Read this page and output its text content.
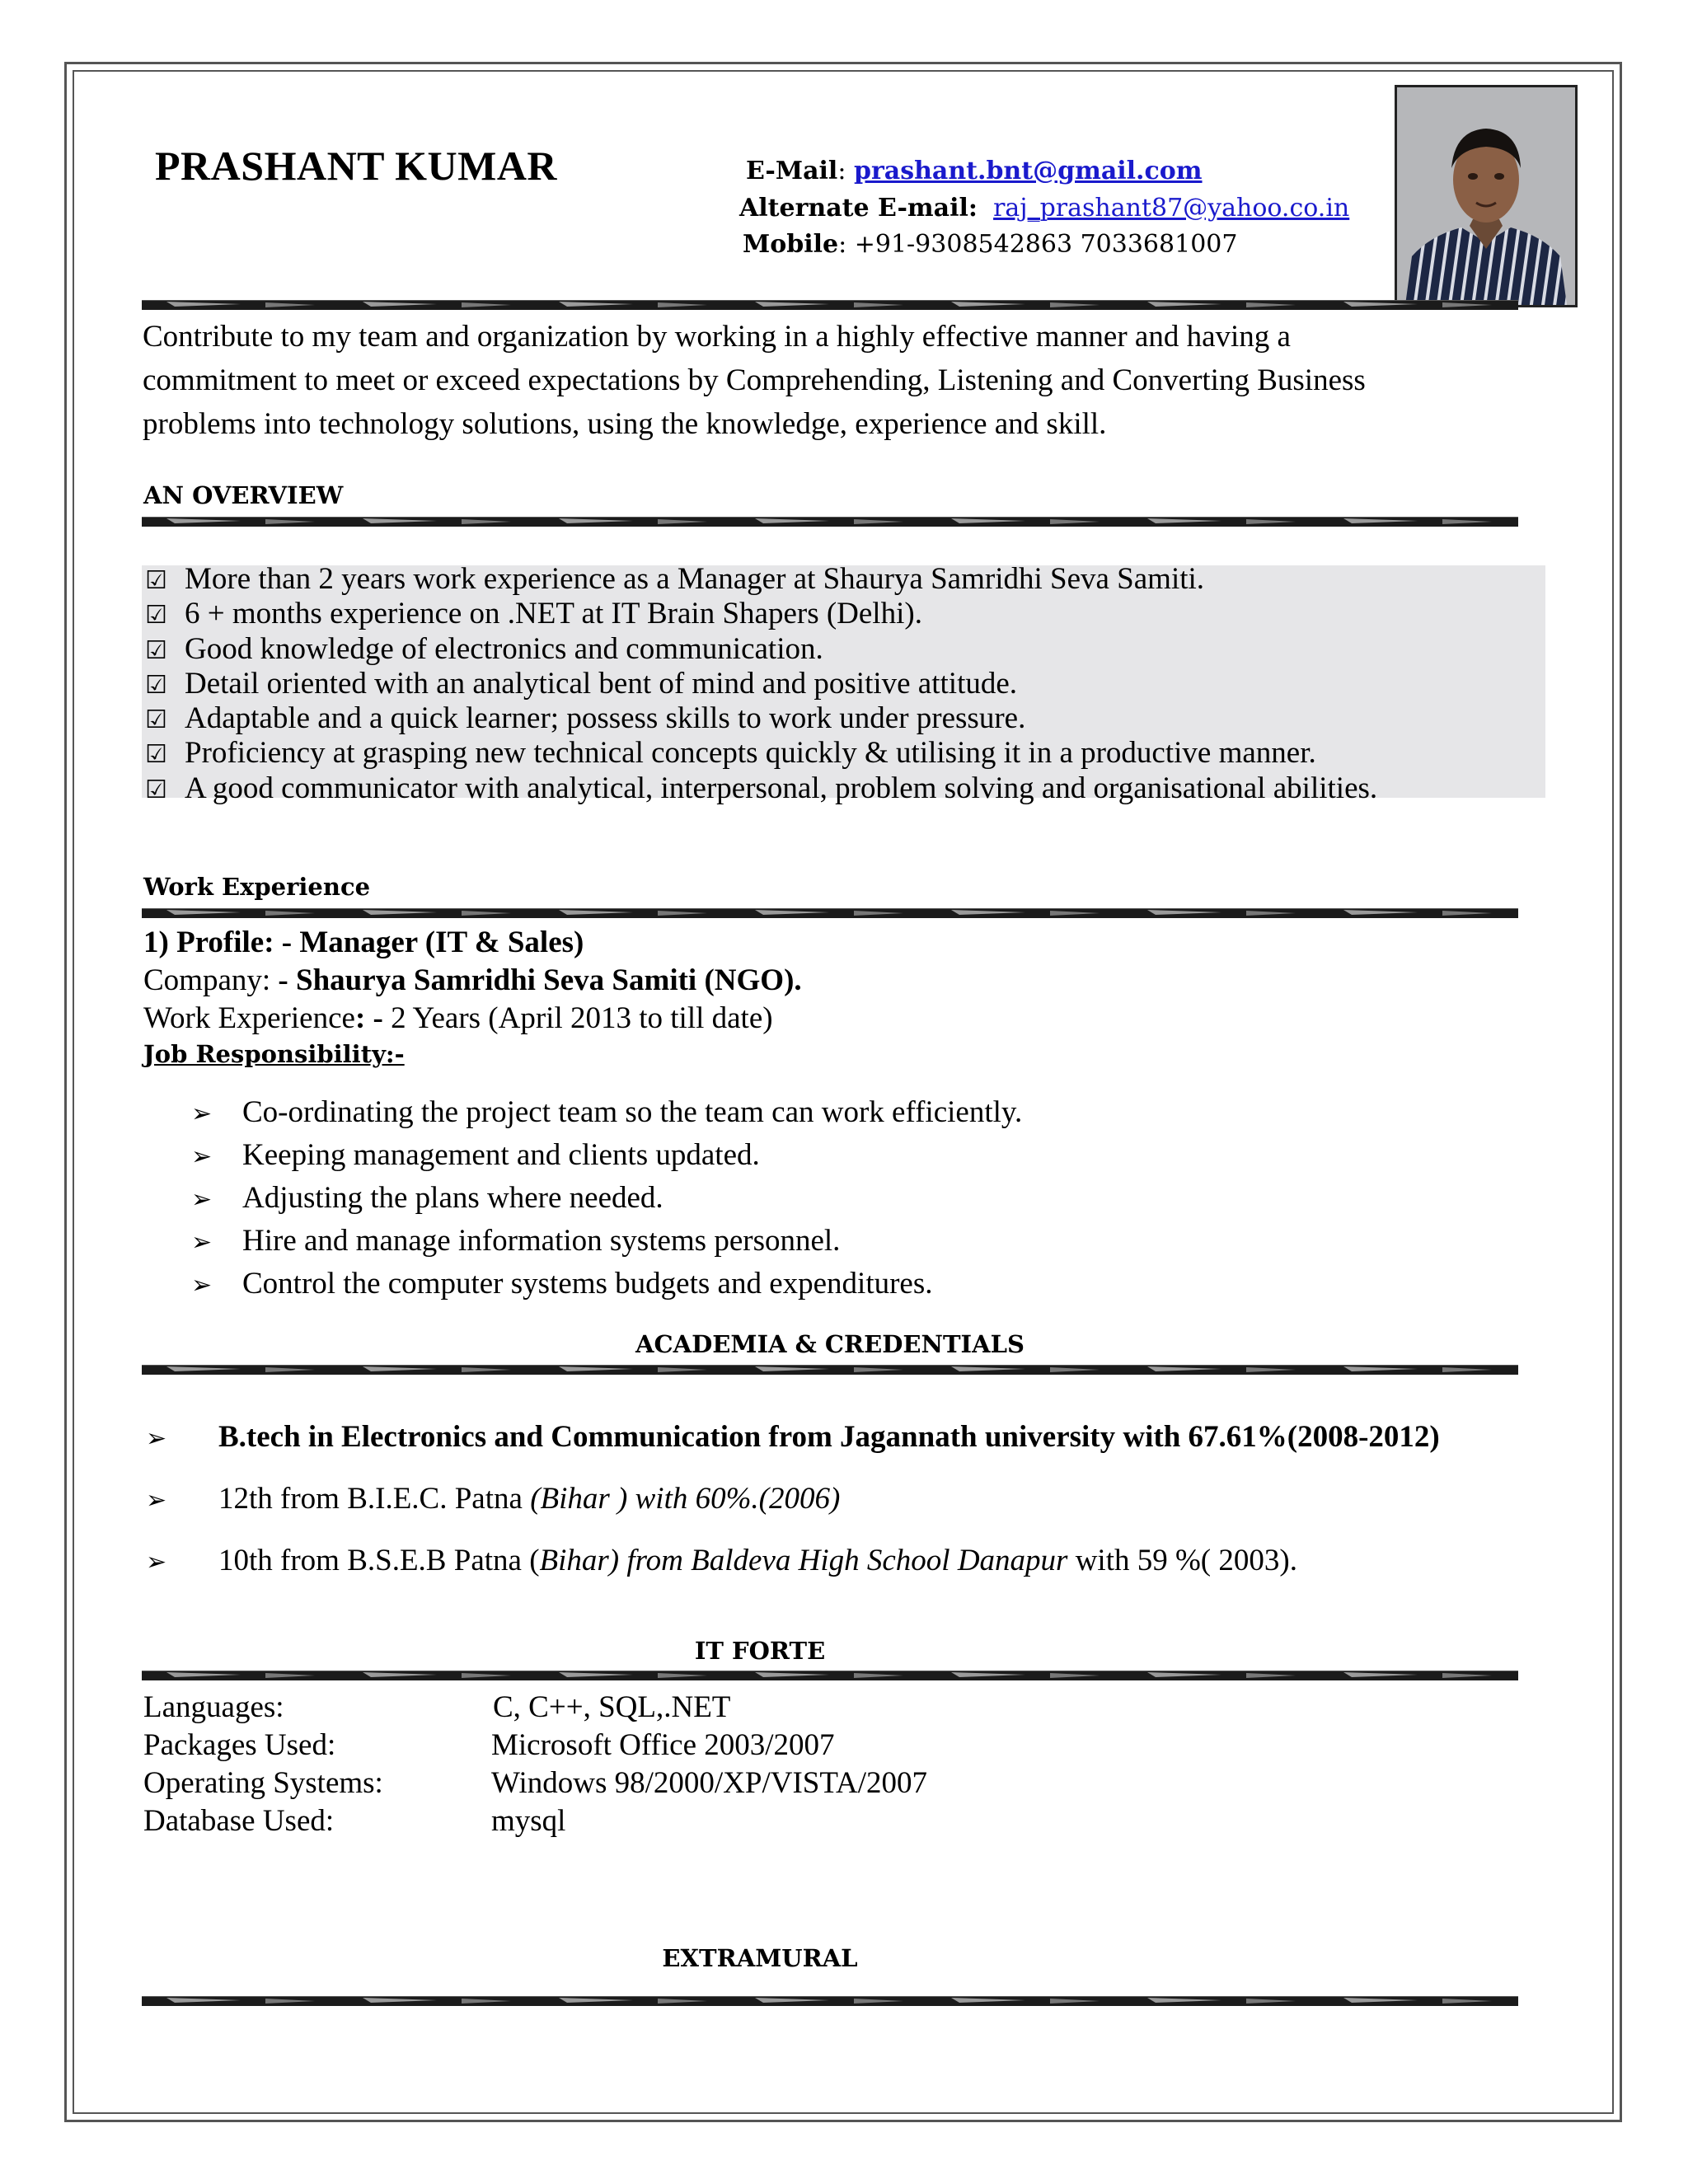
PRASHANT KUMAR	E-Mail: prashant.bnt@gmail.com
Alternate E-mail: raj_prashant87@yahoo.co.in
Mobile: +91-9308542863 7033681007
Contribute to my team and organization by working in a highly effective manner and having a
commitment to meet or exceed expectations by Comprehending, Listening and Converting Business
problems into technology solutions, using the knowledge, experience and skill.
AN OVERVIEW
☑ More than 2 years work experience as a Manager at Shaurya Samridhi Seva Samiti.
☑ 6 + months experience on .NET at IT Brain Shapers (Delhi).
☑ Good knowledge of electronics and communication.
☑ Detail oriented with an analytical bent of mind and positive attitude.
☑ Adaptable and a quick learner; possess skills to work under pressure.
☑ Proficiency at grasping new technical concepts quickly & utilising it in a productive manner.
☑ A good communicator with analytical, interpersonal, problem solving and organisational abilities.
Work Experience
1) Profile: - Manager (IT & Sales)
Company: - Shaurya Samridhi Seva Samiti (NGO).
Work Experience: - 2 Years (April 2013 to till date)
Job Responsibility:-
➢ Co-ordinating the project team so the team can work efficiently.
➢ Keeping management and clients updated.
➢ Adjusting the plans where needed.
➢ Hire and manage information systems personnel.
➢ Control the computer systems budgets and expenditures.
ACADEMIA & CREDENTIALS
➢ B.tech in Electronics and Communication from Jagannath university with 67.61%(2008-2012)
➢ 12th from B.I.E.C. Patna (Bihar ) with 60%.(2006)
➢ 10th from B.S.E.B Patna (Bihar) from Baldeva High School Danapur with 59 %( 2003).
IT FORTE
Languages:	C, C++, SQL,.NET
Packages Used:	Microsoft Office 2003/2007
Operating Systems:	Windows 98/2000/XP/VISTA/2007
Database Used:	mysql
EXTRAMURAL
